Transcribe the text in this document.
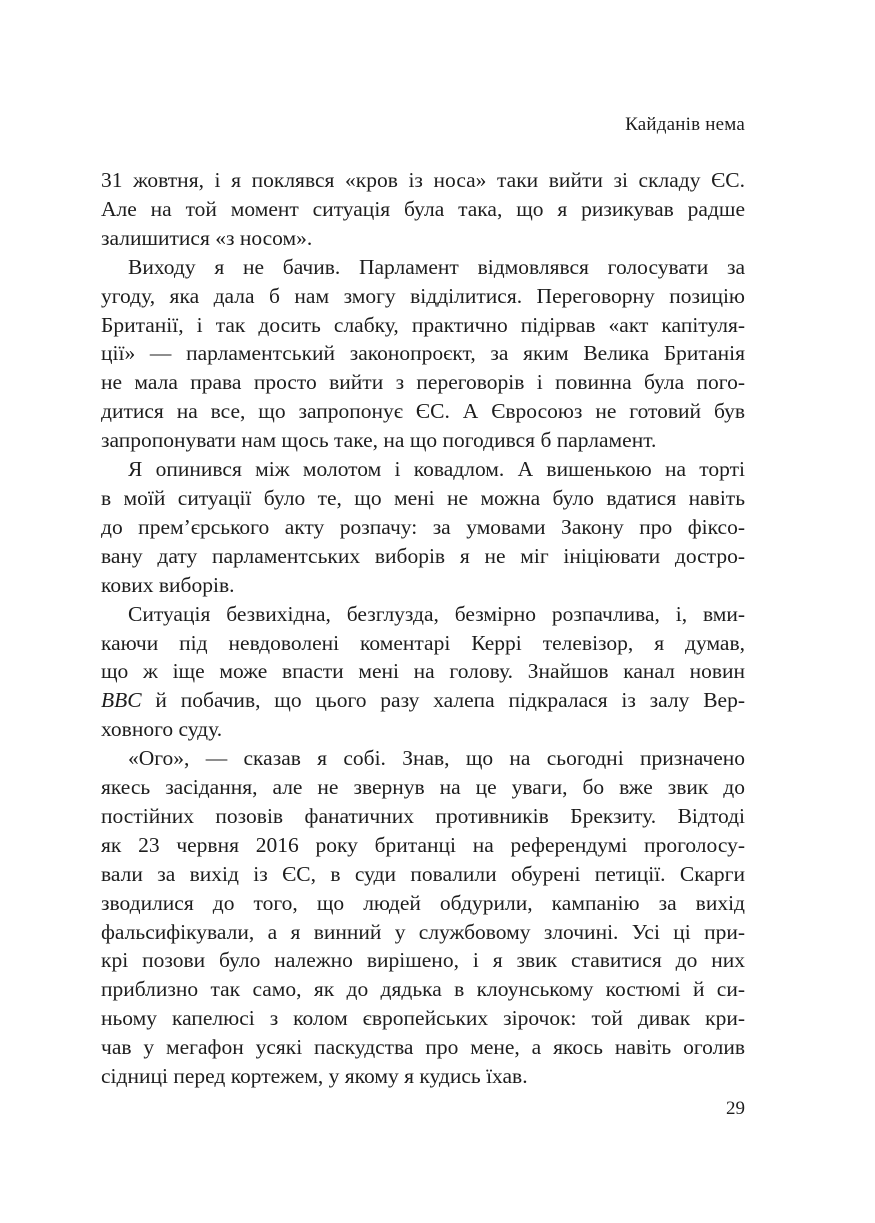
Кайданів нема
31 жовтня, і я поклявся «кров із носа» таки вийти зі складу ЄС.
Але на той момент ситуація була така, що я ризикував радше
залишитися «з носом».
Виходу я не бачив. Парламент відмовлявся голосувати за
угоду, яка дала б нам змогу відділитися. Переговорну позицію
Британії, і так досить слабку, практично підірвав «акт капітуля-
ції» — парламентський законопроєкт, за яким Велика Британія
не мала права просто вийти з переговорів і повинна була пого-
дитися на все, що запропонує ЄС. А Євросоюз не готовий був
запропонувати нам щось таке, на що погодився б парламент.
Я опинився між молотом і ковадлом. А вишенькою на торті
в моїй ситуації було те, що мені не можна було вдатися навіть
до прем’єрського акту розпачу: за умовами Закону про фіксо-
вану дату парламентських виборів я не міг ініціювати достро-
кових виборів.
Ситуація безвихідна, безглузда, безмірно розпачлива, і, вми-
каючи під невдоволені коментарі Керрі телевізор, я думав,
що ж іще може впасти мені на голову. Знайшов канал новин
BBC й побачив, що цього разу халепа підкралася із залу Вер-
ховного суду.
«Ого», — сказав я собі. Знав, що на сьогодні призначено
якесь засідання, але не звернув на це уваги, бо вже звик до
постійних позовів фанатичних противників Брекзиту. Відтоді
як 23 червня 2016 року британці на референдумі проголосу-
вали за вихід із ЄС, в суди повалили обурені петиції. Скарги
зводилися до того, що людей обдурили, кампанію за вихід
фальсифікували, а я винний у службовому злочині. Усі ці при-
крі позови було належно вирішено, і я звик ставитися до них
приблизно так само, як до дядька в клоунському костюмі й си-
ньому капелюсі з колом європейських зірочок: той дивак кри-
чав у мегафон усякі паскудства про мене, а якось навіть оголив
сідниці перед кортежем, у якому я кудись їхав.
29
